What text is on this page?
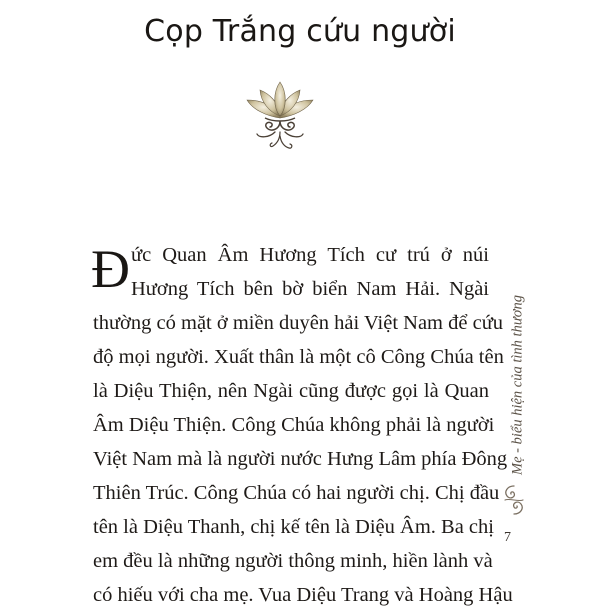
Cọp Trắng cứu người
Đ ức Quan Âm Hương Tích cư trú ở núi
Hương Tích bên bờ biển Nam Hải. Ngài
thường có mặt ở miền duyên hải Việt Nam để cứu
độ mọi người. Xuất thân là một cô Công Chúa tên
là Diệu Thiện, nên Ngài cũng được gọi là Quan
Âm Diệu Thiện. Công Chúa không phải là người
Việt Nam mà là người nước Hưng Lâm phía Đông
Thiên Trúc. Công Chúa có hai người chị. Chị đầu
tên là Diệu Thanh, chị kế tên là Diệu Âm. Ba chị
em đều là những người thông minh, hiền lành và
có hiếu với cha mẹ. Vua Diệu Trang và Hoàng Hậu
Mẹ - biểu hiện của tình thương
7
